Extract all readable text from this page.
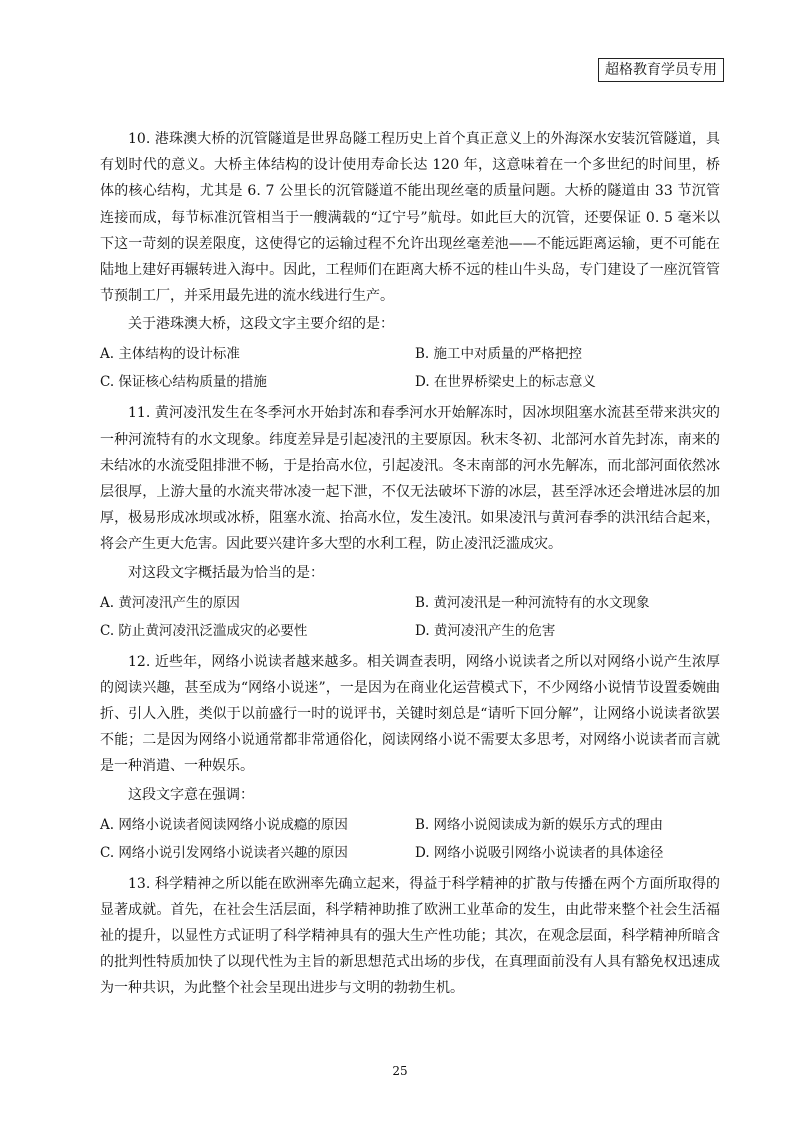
超格教育学员专用

10. 港珠澳大桥的沉管隧道是世界岛隧工程历史上首个真正意义上的外海深水安装沉管隧道，具有划时代的意义。大桥主体结构的设计使用寿命长达 120 年，这意味着在一个多世纪的时间里，桥体的核心结构，尤其是 6. 7 公里长的沉管隧道不能出现丝毫的质量问题。大桥的隧道由 33 节沉管连接而成，每节标准沉管相当于一艘满载的“辽宁号”航母。如此巨大的沉管，还要保证 0. 5 毫米以下这一苛刻的误差限度，这使得它的运输过程不允许出现丝毫差池——不能远距离运输，更不可能在陆地上建好再辗转进入海中。因此，工程师们在距离大桥不远的桂山牛头岛，专门建设了一座沉管管节预制工厂，并采用最先进的流水线进行生产。

关于港珠澳大桥，这段文字主要介绍的是：

A. 主体结构的设计标准	B. 施工中对质量的严格把控
C. 保证核心结构质量的措施	D. 在世界桥梁史上的标志意义

11. 黄河凌汛发生在冬季河水开始封冻和春季河水开始解冻时，因冰坝阻塞水流甚至带来洪灾的一种河流特有的水文现象。纬度差异是引起凌汛的主要原因。秋末冬初、北部河水首先封冻，南来的未结冰的水流受阻排泄不畅，于是抬高水位，引起凌汛。冬末南部的河水先解冻，而北部河面依然冰层很厚，上游大量的水流夹带冰凌一起下泄，不仅无法破坏下游的冰层，甚至浮冰还会增进冰层的加厚，极易形成冰坝或冰桥，阻塞水流、抬高水位，发生凌汛。如果凌汛与黄河春季的洪汛结合起来，将会产生更大危害。因此要兴建许多大型的水利工程，防止凌汛泛滥成灾。

对这段文字概括最为恰当的是：

A. 黄河凌汛产生的原因	B. 黄河凌汛是一种河流特有的水文现象
C. 防止黄河凌汛泛滥成灾的必要性	D. 黄河凌汛产生的危害

12. 近些年，网络小说读者越来越多。相关调查表明，网络小说读者之所以对网络小说产生浓厚的阅读兴趣，甚至成为“网络小说迷”，一是因为在商业化运营模式下，不少网络小说情节设置委婉曲折、引人入胜，类似于以前盛行一时的说评书，关键时刻总是“请听下回分解”，让网络小说读者欲罢不能；二是因为网络小说通常都非常通俗化，阅读网络小说不需要太多思考，对网络小说读者而言就是一种消遣、一种娱乐。

这段文字意在强调：

A. 网络小说读者阅读网络小说成瘾的原因	B. 网络小说阅读成为新的娱乐方式的理由
C. 网络小说引发网络小说读者兴趣的原因	D. 网络小说吸引网络小说读者的具体途径

13. 科学精神之所以能在欧洲率先确立起来，得益于科学精神的扩散与传播在两个方面所取得的显著成就。首先，在社会生活层面，科学精神助推了欧洲工业革命的发生，由此带来整个社会生活福祉的提升，以显性方式证明了科学精神具有的强大生产性功能；其次，在观念层面，科学精神所暗含的批判性特质加快了以现代性为主旨的新思想范式出场的步伐，在真理面前没有人具有豁免权迅速成为一种共识，为此整个社会呈现出进步与文明的勃勃生机。

25
